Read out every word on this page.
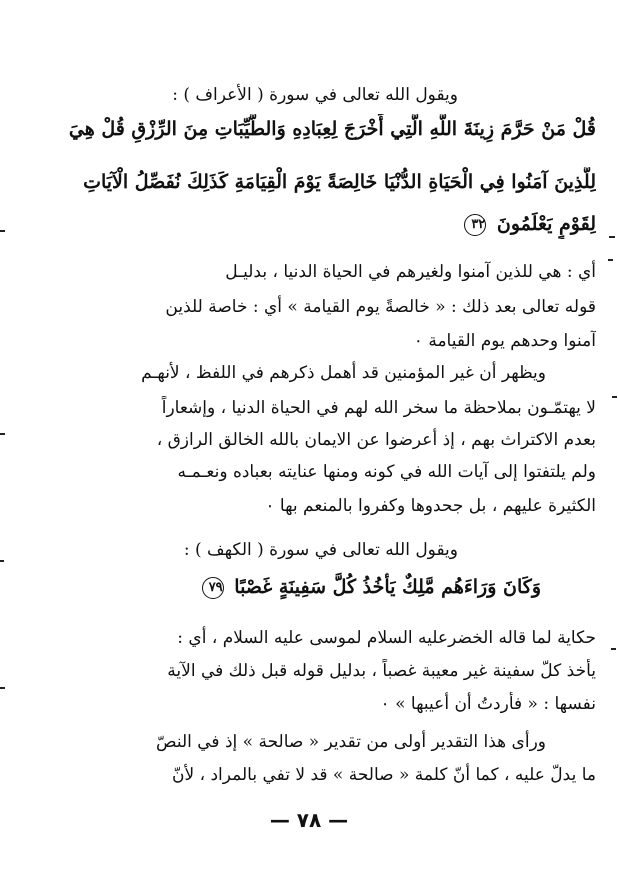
ويقول الله تعالى في سورة ( الأعراف ) :
قُلْ مَنْ حَرَّمَ زِينَةَ اللَّهِ الَّتِي أَخْرَجَ لِعِبَادِهِ وَالطَّيِّبَاتِ مِنَ الرِّزْقِ قُلْ هِيَ
لِلَّذِينَ آمَنُوا فِي الْحَيَاةِ الدُّنْيَا خَالِصَةً يَوْمَ الْقِيَامَةِ كَذَلِكَ نُفَصِّلُ الْآيَاتِ
لِقَوْمٍ يَعْلَمُونَ ٣٢
أي : هي للذين آمنوا ولغيرهم في الحياة الدنيا ، بدليـل
قوله تعالى بعد ذلك : « خالصةً يوم القيامة » أي : خاصة للذين
آمنوا وحدهم يوم القيامة ٠
ويظهر أن غير المؤمنين قد أهمل ذكرهم في اللفظ ، لأنهـم
لا يهتمّـون بملاحظة ما سخر الله لهم في الحياة الدنيا ، وإشعاراً
بعدم الاكتراث بهم ، إذ أعرضوا عن الايمان بالله الخالق الرازق ،
ولم يلتفتوا إلى آيات الله في كونه ومنها عنايته بعباده ونعـمـه
الكثيرة عليهم ، بل جحدوها وكفروا بالمنعم بها ٠
ويقول الله تعالى في سورة ( الكهف ) :
وَكَانَ وَرَاءَهُم مَّلِكٌ يَأْخُذُ كُلَّ سَفِينَةٍ غَصْبًا ٧٩
حكاية لما قاله الخضرعليه السلام لموسى عليه السلام ، أي :
يأخذ كلّ سفينة غير معيبة غصباً ، بدليل قوله قبل ذلك في الآية
نفسها : « فأردتُ أن أعيبها » ٠
ورأى هذا التقدير أولى من تقدير « صالحة » إذ في النصّ
ما يدلّ عليه ، كما أنّ كلمة « صالحة » قد لا تفي بالمراد ، لأنّ
— ٧٨ —
